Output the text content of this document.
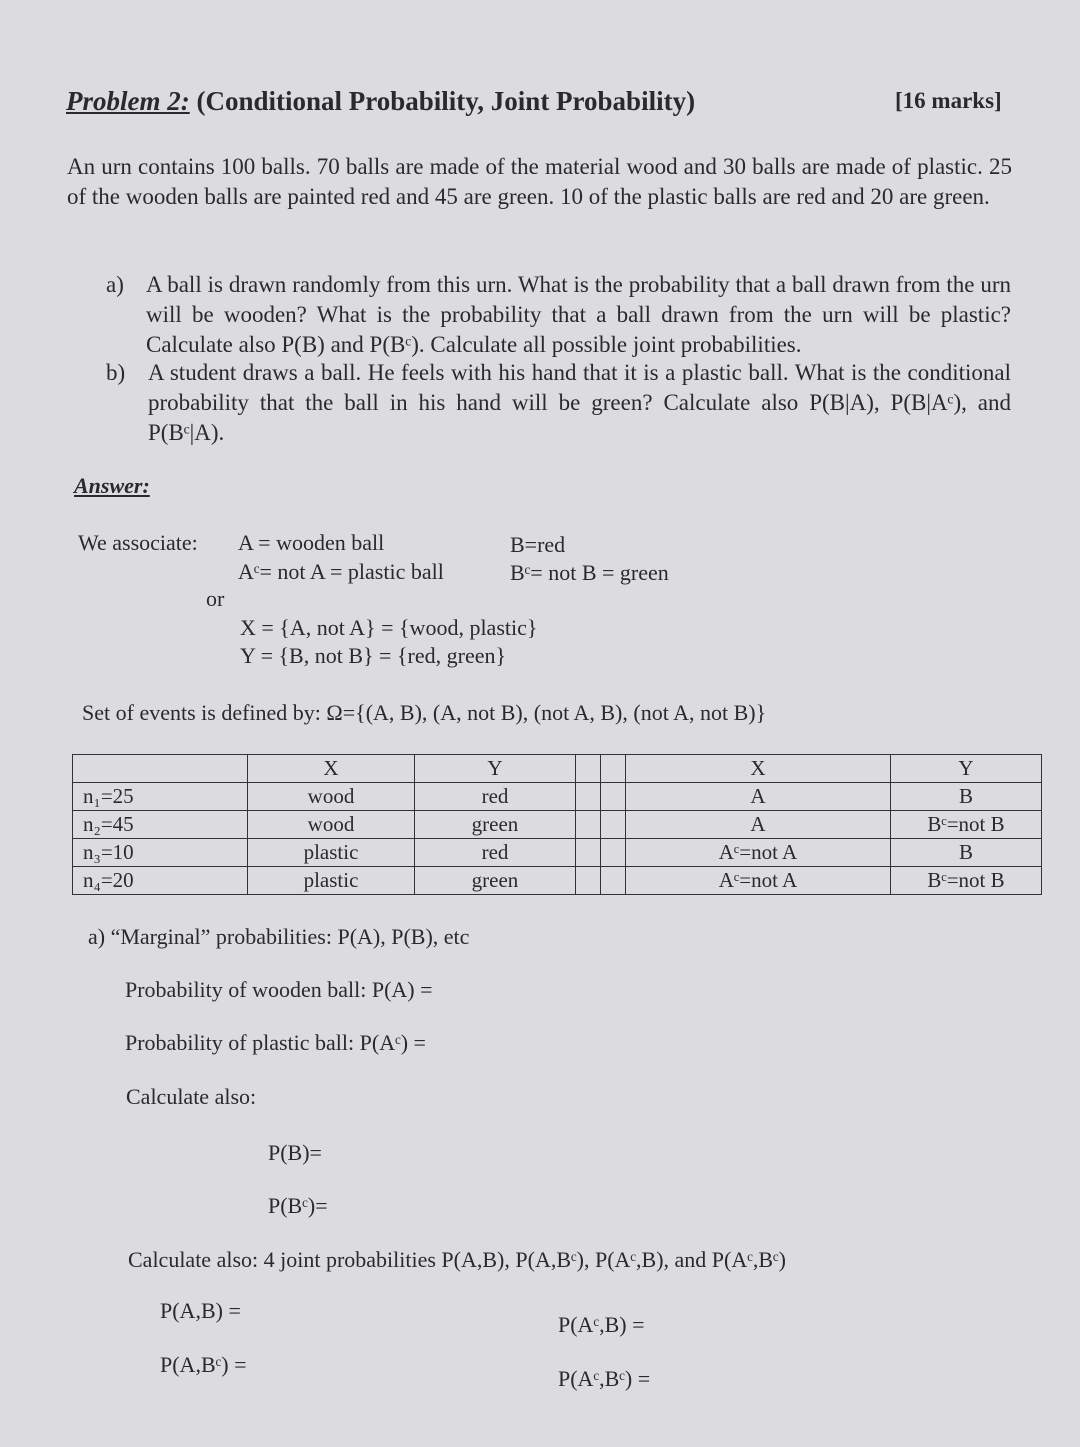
Problem 2: (Conditional Probability, Joint Probability)	[16 marks]
An urn contains 100 balls. 70 balls are made of the material wood and 30 balls are made of plastic. 25 of the wooden balls are painted red and 45 are green. 10 of the plastic balls are red and 20 are green.
a) A ball is drawn randomly from this urn. What is the probability that a ball drawn from the urn will be wooden? What is the probability that a ball drawn from the urn will be plastic? Calculate also P(B) and P(Bᶜ). Calculate all possible joint probabilities.
b) A student draws a ball. He feels with his hand that it is a plastic ball. What is the conditional probability that the ball in his hand will be green? Calculate also P(B|A), P(B|Aᶜ), and P(Bᶜ|A).
Answer:
We associate: A = wooden ball
Aᶜ= not A = plastic ball
B=red
Bᶜ= not B = green
or
X = {A, not A} = {wood, plastic}
Y = {B, not B} = {red, green}
Set of events is defined by: Ω={(A, B), (A, not B), (not A, B), (not A, not B)}
	X	Y			X	Y
n₁=25	wood	red			A	B
n₂=45	wood	green			A	Bᶜ=not B
n₃=10	plastic	red			Aᶜ=not A	B
n₄=20	plastic	green			Aᶜ=not A	Bᶜ=not B
a) “Marginal” probabilities: P(A), P(B), etc
Probability of wooden ball: P(A) =
Probability of plastic ball: P(Aᶜ) =
Calculate also:
P(B)=
P(Bᶜ)=
Calculate also: 4 joint probabilities P(A,B), P(A,Bᶜ), P(Aᶜ,B), and P(Aᶜ,Bᶜ)
P(A,B) =
P(A,Bᶜ) =
P(Aᶜ,B) =
P(Aᶜ,Bᶜ) =
